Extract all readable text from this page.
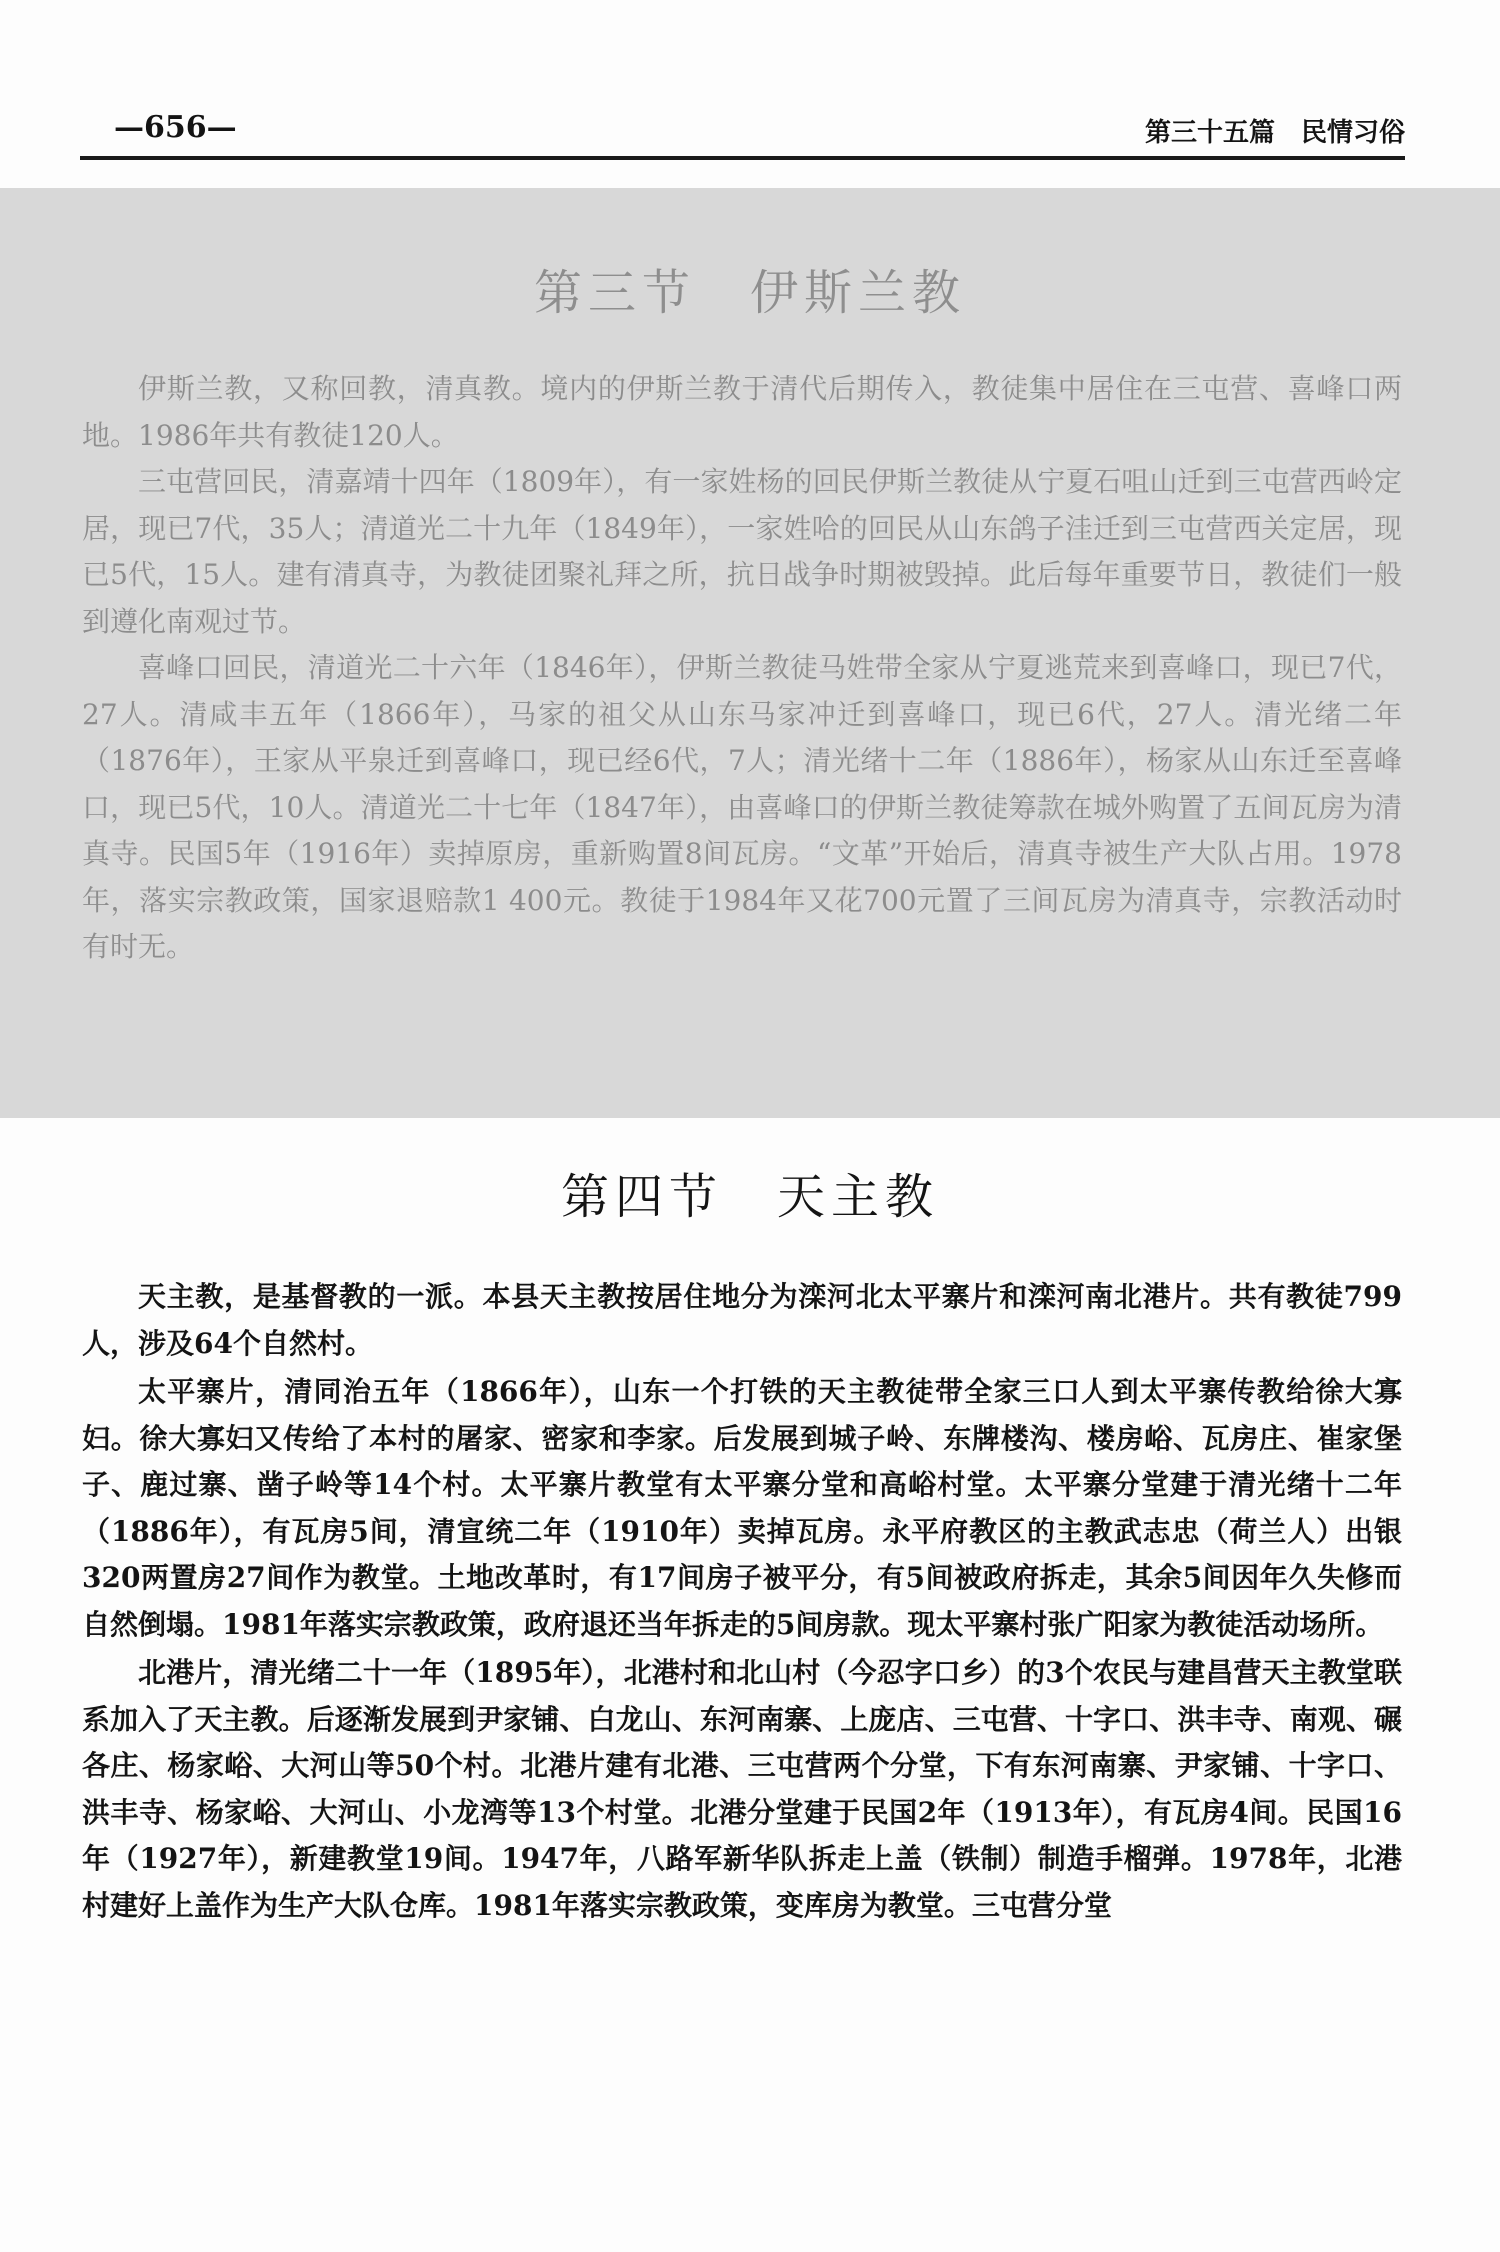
—656—	第三十五篇　民情习俗
第三节　伊斯兰教

伊斯兰教，又称回教，清真教。境内的伊斯兰教于清代后期传入，教徒集中居住在三屯营、喜峰口两地。1986年共有教徒120人。

三屯营回民，清嘉靖十四年（1809年），有一家姓杨的回民伊斯兰教徒从宁夏石咀山迁到三屯营西岭定居，现已7代，35人；清道光二十九年（1849年），一家姓哈的回民从山东鸽子洼迁到三屯营西关定居，现已5代，15人。建有清真寺，为教徒团聚礼拜之所，抗日战争时期被毁掉。此后每年重要节日，教徒们一般到遵化南观过节。

喜峰口回民，清道光二十六年（1846年），伊斯兰教徒马姓带全家从宁夏逃荒来到喜峰口，现已7代，27人。清咸丰五年（1866年），马家的祖父从山东马家冲迁到喜峰口，现已6代，27人。清光绪二年（1876年），王家从平泉迁到喜峰口，现已经6代，7人；清光绪十二年（1886年），杨家从山东迁至喜峰口，现已5代，10人。清道光二十七年（1847年），由喜峰口的伊斯兰教徒筹款在城外购置了五间瓦房为清真寺。民国5年（1916年）卖掉原房，重新购置8间瓦房。“文革”开始后，清真寺被生产大队占用。1978年，落实宗教政策，国家退赔款1 400元。教徒于1984年又花700元置了三间瓦房为清真寺，宗教活动时有时无。

第四节　天主教

天主教，是基督教的一派。本县天主教按居住地分为滦河北太平寨片和滦河南北港片。共有教徒799人，涉及64个自然村。

太平寨片，清同治五年（1866年），山东一个打铁的天主教徒带全家三口人到太平寨传教给徐大寡妇。徐大寡妇又传给了本村的屠家、密家和李家。后发展到城子岭、东牌楼沟、楼房峪、瓦房庄、崔家堡子、鹿过寨、凿子岭等14个村。太平寨片教堂有太平寨分堂和高峪村堂。太平寨分堂建于清光绪十二年（1886年），有瓦房5间，清宣统二年（1910年）卖掉瓦房。永平府教区的主教武志忠（荷兰人）出银320两置房27间作为教堂。土地改革时，有17间房子被平分，有5间被政府拆走，其余5间因年久失修而自然倒塌。1981年落实宗教政策，政府退还当年拆走的5间房款。现太平寨村张广阳家为教徒活动场所。

北港片，清光绪二十一年（1895年），北港村和北山村（今忍字口乡）的3个农民与建昌营天主教堂联系加入了天主教。后逐渐发展到尹家铺、白龙山、东河南寨、上庞店、三屯营、十字口、洪丰寺、南观、碾各庄、杨家峪、大河山等50个村。北港片建有北港、三屯营两个分堂，下有东河南寨、尹家铺、十字口、洪丰寺、杨家峪、大河山、小龙湾等13个村堂。北港分堂建于民国2年（1913年），有瓦房4间。民国16年（1927年），新建教堂19间。1947年，八路军新华队拆走上盖（铁制）制造手榴弹。1978年，北港村建好上盖作为生产大队仓库。1981年落实宗教政策，变库房为教堂。三屯营分堂
